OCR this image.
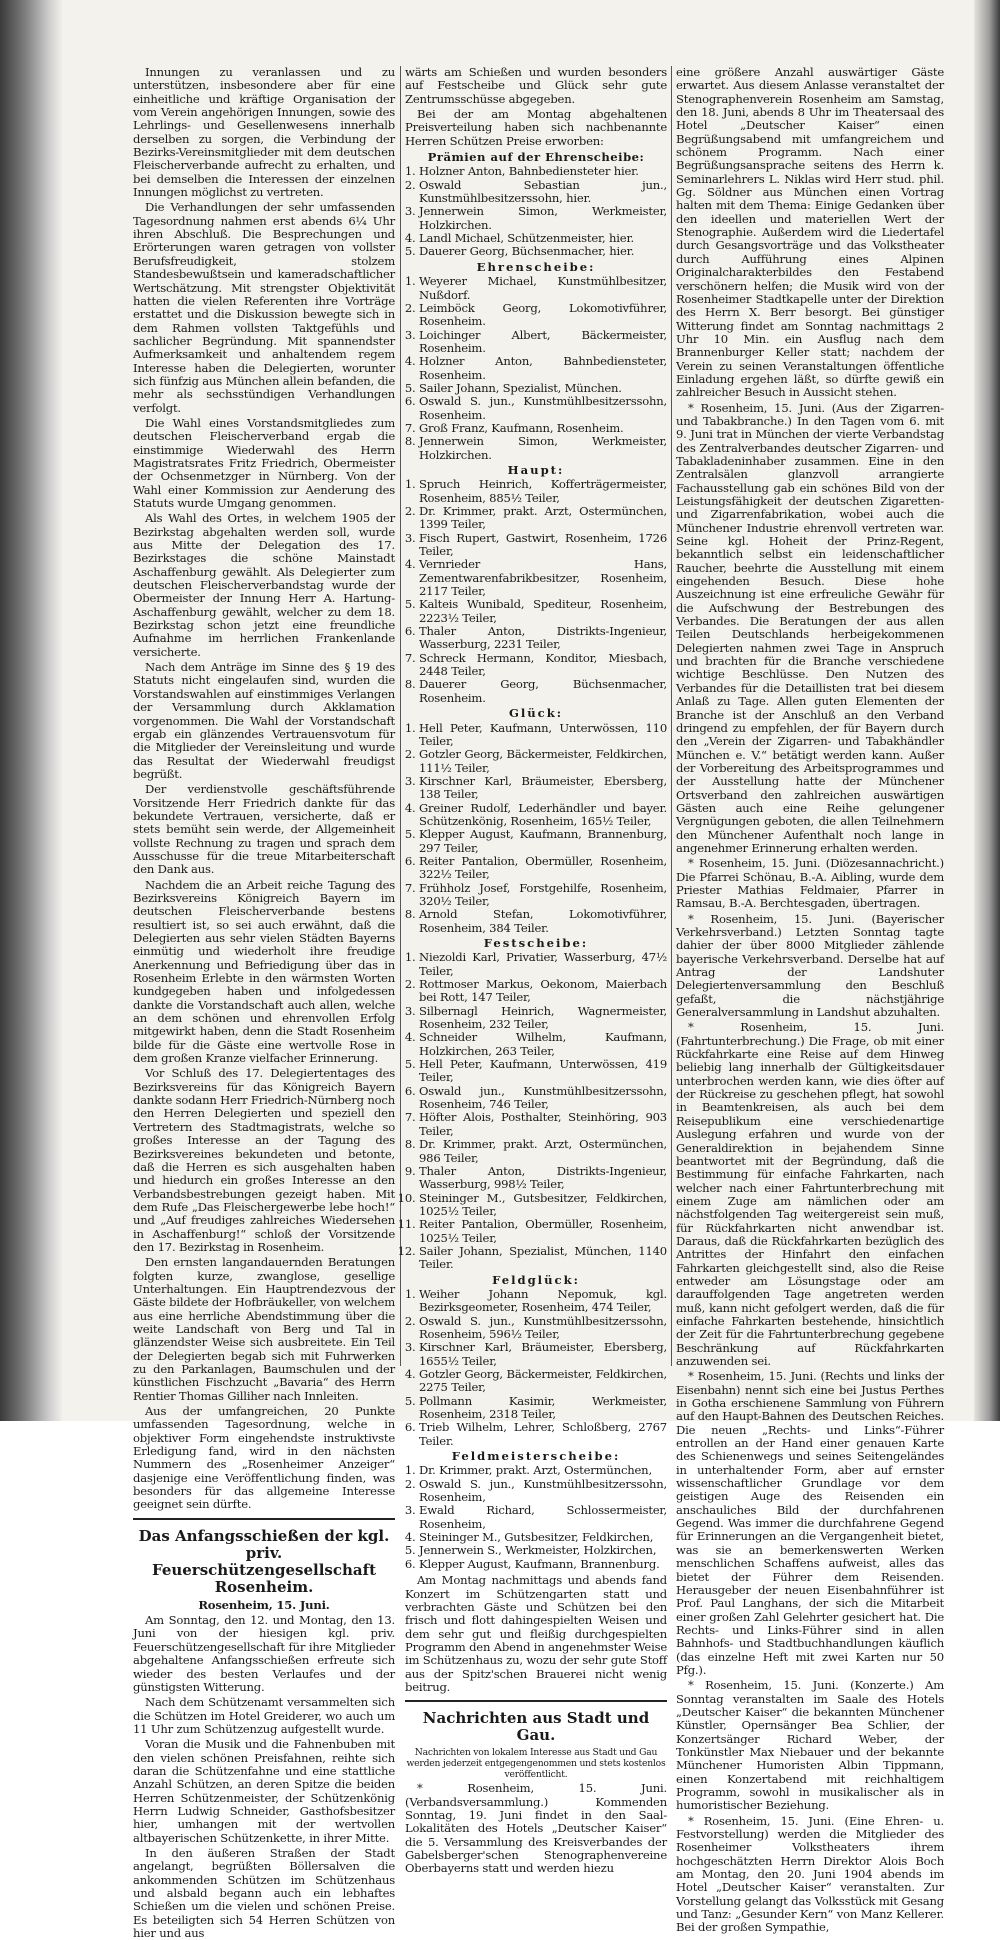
Innungen zu veranlassen und zu unterstützen, insbesondere aber für eine einheitliche und kräftige Organisation der vom Verein angehörigen Innungen, sowie des Lehrlings- und Gesellenwesens innerhalb derselben zu sorgen, die Verbindung der Bezirks-Vereinsmitglieder mit dem deutschen Fleischerverbande aufrecht zu erhalten, und bei demselben die Interessen der einzelnen Innungen möglichst zu vertreten.

Die Verhandlungen der sehr umfassenden Tagesordnung nahmen erst abends 6¼ Uhr ihren Abschluß. Die Besprechungen und Erörterungen waren getragen von vollster Berufsfreudigkeit, stolzem Standesbewußtsein und kameradschaftlicher Wertschätzung. Mit strengster Objektivität hatten die vielen Referenten ihre Vorträge erstattet und die Diskussion bewegte sich in dem Rahmen vollsten Taktgefühls und sachlicher Begründung. Mit spannendster Aufmerksamkeit und anhaltendem regem Interesse haben die Delegierten, worunter sich fünfzig aus München allein befanden, die mehr als sechsstündigen Verhandlungen verfolgt.

Die Wahl eines Vorstandsmitgliedes zum deutschen Fleischerverband ergab die einstimmige Wiederwahl des Herrn Magistratsrates Fritz Friedrich, Obermeister der Ochsenmetzger in Nürnberg. Von der Wahl einer Kommission zur Aenderung des Statuts wurde Umgang genommen.

Als Wahl des Ortes, in welchem 1905 der Bezirkstag abgehalten werden soll, wurde aus Mitte der Delegation des 17. Bezirkstages die schöne Mainstadt Aschaffenburg gewählt. Als Delegierter zum deutschen Fleischerverbandstag wurde der Obermeister der Innung Herr A. Hartung-Aschaffenburg gewählt, welcher zu dem 18. Bezirkstag schon jetzt eine freundliche Aufnahme im herrlichen Frankenlande versicherte.

Nach dem Anträge im Sinne des § 19 des Statuts nicht eingelaufen sind, wurden die Vorstandswahlen auf einstimmiges Verlangen der Versammlung durch Akklamation vorgenommen. Die Wahl der Vorstandschaft ergab ein glänzendes Vertrauensvotum für die Mitglieder der Vereinsleitung und wurde das Resultat der Wiederwahl freudigst begrüßt.

Der verdienstvolle geschäftsführende Vorsitzende Herr Friedrich dankte für das bekundete Vertrauen, versicherte, daß er stets bemüht sein werde, der Allgemeinheit vollste Rechnung zu tragen und sprach dem Ausschusse für die treue Mitarbeiterschaft den Dank aus.

Nachdem die an Arbeit reiche Tagung des Bezirksvereins Königreich Bayern im deutschen Fleischerverbande bestens resultiert ist, so sei auch erwähnt, daß die Delegierten aus sehr vielen Städten Bayerns einmütig und wiederholt ihre freudige Anerkennung und Befriedigung über das in Rosenheim Erlebte in den wärmsten Worten kundgegeben haben und infolgedessen dankte die Vorstandschaft auch allen, welche an dem schönen und ehrenvollen Erfolg mitgewirkt haben, denn die Stadt Rosenheim bilde für die Gäste eine wertvolle Rose in dem großen Kranze vielfacher Erinnerung.

Vor Schluß des 17. Delegiertentages des Bezirksvereins für das Königreich Bayern dankte sodann Herr Friedrich-Nürnberg noch den Herren Delegierten und speziell den Vertretern des Stadtmagistrats, welche so großes Interesse an der Tagung des Bezirksvereines bekundeten und betonte, daß die Herren es sich ausgehalten haben und hiedurch ein großes Interesse an den Verbandsbestrebungen gezeigt haben. Mit dem Rufe „Das Fleischergewerbe lebe hoch!“ und „Auf freudiges zahlreiches Wiedersehen in Aschaffenburg!“ schloß der Vorsitzende den 17. Bezirkstag in Rosenheim.

Den ernsten langandauernden Beratungen folgten kurze, zwanglose, gesellige Unterhaltungen. Ein Hauptrendezvous der Gäste bildete der Hofbräukeller, von welchem aus eine herrliche Abendstimmung über die weite Landschaft von Berg und Tal in glänzendster Weise sich ausbreitete. Ein Teil der Delegierten begab sich mit Fuhrwerken zu den Parkanlagen, Baumschulen und der künstlichen Fischzucht „Bavaria“ des Herrn Rentier Thomas Gilliher nach Innleiten.

Aus der umfangreichen, 20 Punkte umfassenden Tagesordnung, welche in objektiver Form eingehendste instruktivste Erledigung fand, wird in den nächsten Nummern des „Rosenheimer Anzeiger“ dasjenige eine Veröffentlichung finden, was besonders für das allgemeine Interesse geeignet sein dürfte.

Das Anfangsschießen der kgl. priv. Feuerschützengesellschaft Rosenheim.
Rosenheim, 15. Juni.

Am Sonntag, den 12. und Montag, den 13. Juni von der hiesigen kgl. priv. Feuerschützengesellschaft für ihre Mitglieder abgehaltene Anfangsschießen erfreute sich wieder des besten Verlaufes und der günstigsten Witterung.

Nach dem Schützenamt versammelten sich die Schützen im Hotel Greiderer, wo auch um 11 Uhr zum Schützenzug aufgestellt wurde.

Voran die Musik und die Fahnenbuben mit den vielen schönen Preisfahnen, reihte sich daran die Schützenfahne und eine stattliche Anzahl Schützen, an deren Spitze die beiden Herren Schützenmeister, der Schützenkönig Herrn Ludwig Schneider, Gasthofsbesitzer hier, umhangen mit der wertvollen altbayerischen Schützenkette, in ihrer Mitte.

In den äußeren Straßen der Stadt angelangt, begrüßten Böllersalven die ankommenden Schützen im Schützenhaus und alsbald begann auch ein lebhaftes Schießen um die vielen und schönen Preise. Es beteiligten sich 54 Herren Schützen von hier und aus

wärts am Schießen und wurden besonders auf Festscheibe und Glück sehr gute Zentrumsschüsse abgegeben.

Bei der am Montag abgehaltenen Preisverteilung haben sich nachbenannte Herren Schützen Preise erworben:

Prämien auf der Ehrenscheibe:
1. Holzner Anton, Bahnbediensteter hier.
2. Oswald Sebastian jun., Kunstmühlbesitzerssohn, hier.
3. Jennerwein Simon, Werkmeister, Holzkirchen.
4. Landl Michael, Schützenmeister, hier.
5. Dauerer Georg, Büchsenmacher, hier.
Ehrenscheibe:
1. Weyerer Michael, Kunstmühlbesitzer, Nußdorf.
2. Leimböck Georg, Lokomotivführer, Rosenheim.
3. Loichinger Albert, Bäckermeister, Rosenheim.
4. Holzner Anton, Bahnbediensteter, Rosenheim.
5. Sailer Johann, Spezialist, München.
6. Oswald S. jun., Kunstmühlbesitzerssohn, Rosenheim.
7. Groß Franz, Kaufmann, Rosenheim.
8. Jennerwein Simon, Werkmeister, Holzkirchen.
Haupt:
1. Spruch Heinrich, Kofferträgermeister, Rosenheim, 885½ Teiler,
2. Dr. Krimmer, prakt. Arzt, Ostermünchen, 1399 Teiler,
3. Fisch Rupert, Gastwirt, Rosenheim, 1726 Teiler,
4. Vernrieder Hans, Zementwarenfabrikbesitzer, Rosenheim, 2117 Teiler,
5. Kalteis Wunibald, Spediteur, Rosenheim, 2223½ Teiler,
6. Thaler Anton, Distrikts-Ingenieur, Wasserburg, 2231 Teiler,
7. Schreck Hermann, Konditor, Miesbach, 2448 Teiler,
8. Dauerer Georg, Büchsenmacher, Rosenheim.
Glück:
1. Hell Peter, Kaufmann, Unterwössen, 110 Teiler,
2. Gotzler Georg, Bäckermeister, Feldkirchen, 111½ Teiler,
3. Kirschner Karl, Bräumeister, Ebersberg, 138 Teiler,
4. Greiner Rudolf, Lederhändler und bayer. Schützenkönig, Rosenheim, 165½ Teiler,
5. Klepper August, Kaufmann, Brannenburg, 297 Teiler,
6. Reiter Pantalion, Obermüller, Rosenheim, 322½ Teiler,
7. Frühholz Josef, Forstgehilfe, Rosenheim, 320½ Teiler,
8. Arnold Stefan, Lokomotivführer, Rosenheim, 384 Teiler.
Festscheibe:
1. Niezoldi Karl, Privatier, Wasserburg, 47½ Teiler,
2. Rottmoser Markus, Oekonom, Maierbach bei Rott, 147 Teiler,
3. Silbernagl Heinrich, Wagnermeister, Rosenheim, 232 Teiler,
4. Schneider Wilhelm, Kaufmann, Holzkirchen, 263 Teiler,
5. Hell Peter, Kaufmann, Unterwössen, 419 Teiler,
6. Oswald jun., Kunstmühlbesitzerssohn, Rosenheim, 746 Teiler,
7. Höfter Alois, Posthalter, Steinhöring, 903 Teiler,
8. Dr. Krimmer, prakt. Arzt, Ostermünchen, 986 Teiler,
9. Thaler Anton, Distrikts-Ingenieur, Wasserburg, 998½ Teiler,
10. Steininger M., Gutsbesitzer, Feldkirchen, 1025½ Teiler,
11. Reiter Pantalion, Obermüller, Rosenheim, 1025½ Teiler,
12. Sailer Johann, Spezialist, München, 1140 Teiler.
Feldglück:
1. Weiher Johann Nepomuk, kgl. Bezirksgeometer, Rosenheim, 474 Teiler,
2. Oswald S. jun., Kunstmühlbesitzerssohn, Rosenheim, 596½ Teiler,
3. Kirschner Karl, Bräumeister, Ebersberg, 1655½ Teiler,
4. Gotzler Georg, Bäckermeister, Feldkirchen, 2275 Teiler,
5. Pollmann Kasimir, Werkmeister, Rosenheim, 2318 Teiler,
6. Trieb Wilhelm, Lehrer, Schloßberg, 2767 Teiler.
Feldmeisterscheibe:
1. Dr. Krimmer, prakt. Arzt, Ostermünchen,
2. Oswald S. jun., Kunstmühlbesitzerssohn, Rosenheim,
3. Ewald Richard, Schlossermeister, Rosenheim,
4. Steininger M., Gutsbesitzer, Feldkirchen,
5. Jennerwein S., Werkmeister, Holzkirchen,
6. Klepper August, Kaufmann, Brannenburg.

Am Montag nachmittags und abends fand Konzert im Schützengarten statt und verbrachten Gäste und Schützen bei den frisch und flott dahingespielten Weisen und dem sehr gut und fleißig durchgespielten Programm den Abend in angenehmster Weise im Schützenhaus zu, wozu der sehr gute Stoff aus der Spitz'schen Brauerei nicht wenig beitrug.

Nachrichten aus Stadt und Gau.

Nachrichten von lokalem Interesse aus Stadt und Gau werden jederzeit entgegengenommen und stets kostenlos veröffentlicht.

* Rosenheim, 15. Juni. (Verbandsversammlung.) Kommenden Sonntag, 19. Juni findet in den Saal-Lokalitäten des Hotels „Deutscher Kaiser“ die 5. Versammlung des Kreisverbandes der Gabelsberger'schen Stenographenvereine Oberbayerns statt und werden hiezu

eine größere Anzahl auswärtiger Gäste erwartet. Aus diesem Anlasse veranstaltet der Stenographenverein Rosenheim am Samstag, den 18. Juni, abends 8 Uhr im Theatersaal des Hotel „Deutscher Kaiser“ einen Begrüßungsabend mit umfangreichem und schönem Programm. Nach einer Begrüßungsansprache seitens des Herrn k. Seminarlehrers L. Niklas wird Herr stud. phil. Gg. Söldner aus München einen Vortrag halten mit dem Thema: Einige Gedanken über den ideellen und materiellen Wert der Stenographie. Außerdem wird die Liedertafel durch Gesangsvorträge und das Volkstheater durch Aufführung eines Alpinen Originalcharakterbildes den Festabend verschönern helfen; die Musik wird von der Rosenheimer Stadtkapelle unter der Direktion des Herrn X. Berr besorgt. Bei günstiger Witterung findet am Sonntag nachmittags 2 Uhr 10 Min. ein Ausflug nach dem Brannenburger Keller statt; nachdem der Verein zu seinen Veranstaltungen öffentliche Einladung ergehen läßt, so dürfte gewiß ein zahlreicher Besuch in Aussicht stehen.

* Rosenheim, 15. Juni. (Aus der Zigarren- und Tabakbranche.) In den Tagen vom 6. mit 9. Juni trat in München der vierte Verbandstag des Zentralverbandes deutscher Zigarren- und Tabakladeninhaber zusammen. Eine in den Zentralsälen glanzvoll arrangierte Fachausstellung gab ein schönes Bild von der Leistungsfähigkeit der deutschen Zigaretten- und Zigarrenfabrikation, wobei auch die Münchener Industrie ehrenvoll vertreten war. Seine kgl. Hoheit der Prinz-Regent, bekanntlich selbst ein leidenschaftlicher Raucher, beehrte die Ausstellung mit einem eingehenden Besuch. Diese hohe Auszeichnung ist eine erfreuliche Gewähr für die Aufschwung der Bestrebungen des Verbandes. Die Beratungen der aus allen Teilen Deutschlands herbeigekommenen Delegierten nahmen zwei Tage in Anspruch und brachten für die Branche verschiedene wichtige Beschlüsse. Den Nutzen des Verbandes für die Detaillisten trat bei diesem Anlaß zu Tage. Allen guten Elementen der Branche ist der Anschluß an den Verband dringend zu empfehlen, der für Bayern durch den „Verein der Zigarren- und Tabakhändler München e. V.“ betätigt werden kann. Außer der Vorbereitung des Arbeitsprogrammes und der Ausstellung hatte der Münchener Ortsverband den zahlreichen auswärtigen Gästen auch eine Reihe gelungener Vergnügungen geboten, die allen Teilnehmern den Münchener Aufenthalt noch lange in angenehmer Erinnerung erhalten werden.

* Rosenheim, 15. Juni. (Diözesannachricht.) Die Pfarrei Schönau, B.-A. Aibling, wurde dem Priester Mathias Feldmaier, Pfarrer in Ramsau, B.-A. Berchtesgaden, übertragen.

* Rosenheim, 15. Juni. (Bayerischer Verkehrsverband.) Letzten Sonntag tagte dahier der über 8000 Mitglieder zählende bayerische Verkehrsverband. Derselbe hat auf Antrag der Landshuter Delegiertenversammlung den Beschluß gefaßt, die nächstjährige Generalversammlung in Landshut abzuhalten.

* Rosenheim, 15. Juni. (Fahrtunterbrechung.) Die Frage, ob mit einer Rückfahrkarte eine Reise auf dem Hinweg beliebig lang innerhalb der Gültigkeitsdauer unterbrochen werden kann, wie dies öfter auf der Rückreise zu geschehen pflegt, hat sowohl in Beamtenkreisen, als auch bei dem Reisepublikum eine verschiedenartige Auslegung erfahren und wurde von der Generaldirektion in bejahendem Sinne beantwortet mit der Begründung, daß die Bestimmung für einfache Fahrkarten, nach welcher nach einer Fahrtunterbrechung mit einem Zuge am nämlichen oder am nächstfolgenden Tag weitergereist sein muß, für Rückfahrkarten nicht anwendbar ist. Daraus, daß die Rückfahrkarten bezüglich des Antrittes der Hinfahrt den einfachen Fahrkarten gleichgestellt sind, also die Reise entweder am Lösungstage oder am darauffolgenden Tage angetreten werden muß, kann nicht gefolgert werden, daß die für einfache Fahrkarten bestehende, hinsichtlich der Zeit für die Fahrtunterbrechung gegebene Beschränkung auf Rückfahrkarten anzuwenden sei.

* Rosenheim, 15. Juni. (Rechts und links der Eisenbahn) nennt sich eine bei Justus Perthes in Gotha erschienene Sammlung von Führern auf den Haupt-Bahnen des Deutschen Reiches. Die neuen „Rechts- und Links“-Führer entrollen an der Hand einer genauen Karte des Schienenwegs und seines Seitengeländes in unterhaltender Form, aber auf ernster wissenschaftlicher Grundlage vor dem geistigen Auge des Reisenden ein anschauliches Bild der durchfahrenen Gegend. Was immer die durchfahrene Gegend für Erinnerungen an die Vergangenheit bietet, was sie an bemerkenswerten Werken menschlichen Schaffens aufweist, alles das bietet der Führer dem Reisenden. Herausgeber der neuen Eisenbahnführer ist Prof. Paul Langhans, der sich die Mitarbeit einer großen Zahl Gelehrter gesichert hat. Die Rechts- und Links-Führer sind in allen Bahnhofs- und Stadtbuchhandlungen käuflich (das einzelne Heft mit zwei Karten nur 50 Pfg.).

* Rosenheim, 15. Juni. (Konzerte.) Am Sonntag veranstalten im Saale des Hotels „Deutscher Kaiser“ die bekannten Münchener Künstler, Opernsänger Bea Schlier, der Konzertsänger Richard Weber, der Tonkünstler Max Niebauer und der bekannte Münchener Humoristen Albin Tippmann, einen Konzertabend mit reichhaltigem Programm, sowohl in musikalischer als in humoristischer Beziehung.

* Rosenheim, 15. Juni. (Eine Ehren- u. Festvorstellung) werden die Mitglieder des Rosenheimer Volkstheaters ihrem hochgeschätzten Herrn Direktor Alois Boch am Montag, den 20. Juni 1904 abends im Hotel „Deutscher Kaiser“ veranstalten. Zur Vorstellung gelangt das Volksstück mit Gesang und Tanz: „Gesunder Kern“ von Manz Kellerer. Bei der großen Sympathie,
